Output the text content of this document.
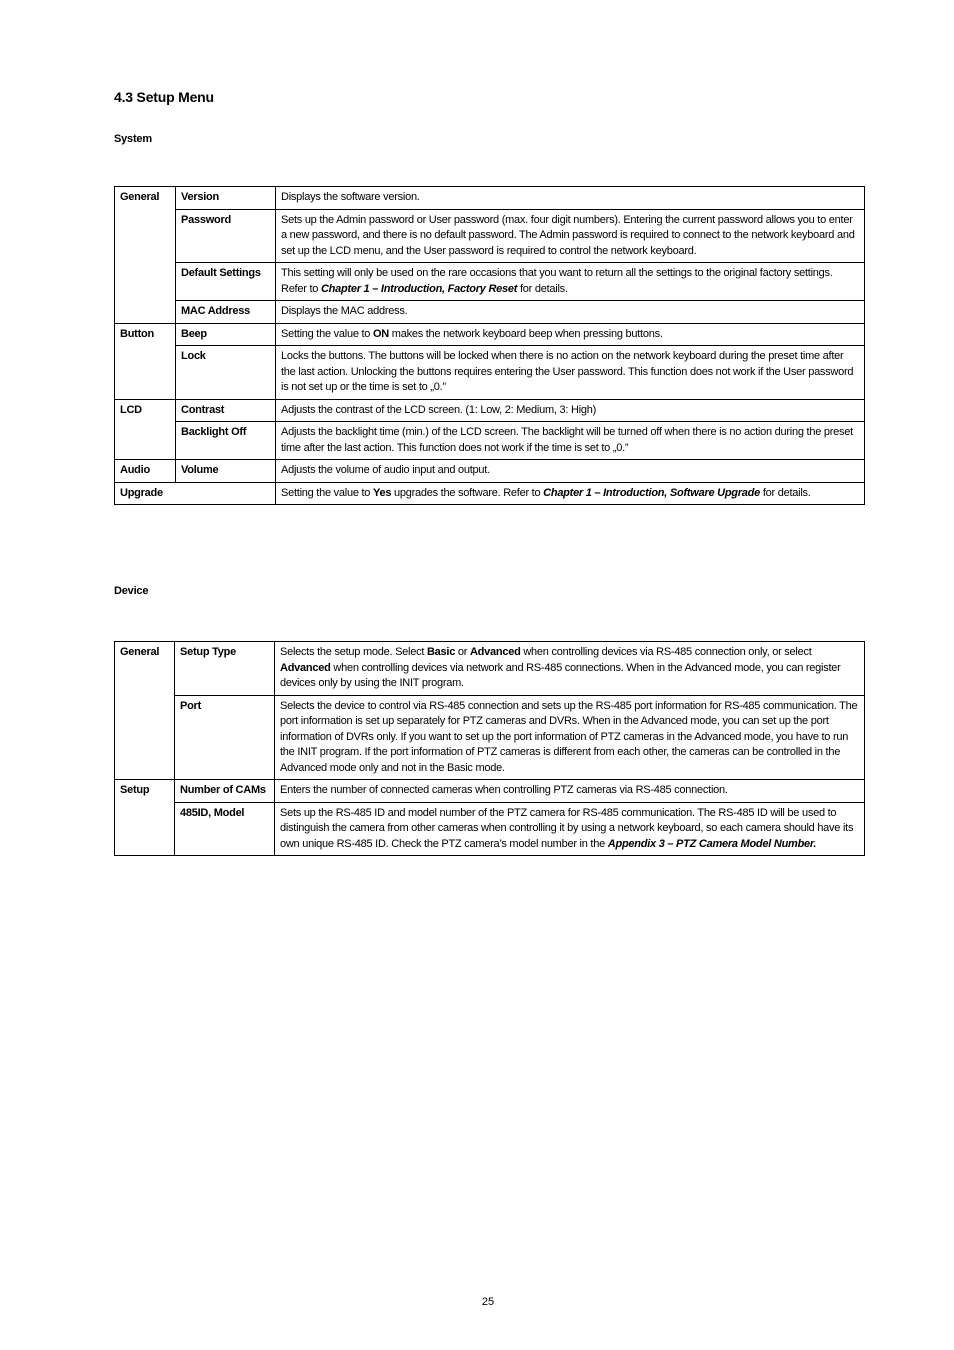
4.3 Setup Menu
System
General	Version	Displays the software version.
	Password	Sets up the Admin password or User password (max. four digit numbers). Entering the current password allows you to enter a new password, and there is no default password. The Admin password is required to connect to the network keyboard and set up the LCD menu, and the User password is required to control the network keyboard.
	Default Settings	This setting will only be used on the rare occasions that you want to return all the settings to the original factory settings. Refer to Chapter 1 – Introduction, Factory Reset for details.
	MAC Address	Displays the MAC address.
Button	Beep	Setting the value to ON makes the network keyboard beep when pressing buttons.
	Lock	Locks the buttons. The buttons will be locked when there is no action on the network keyboard during the preset time after the last action. Unlocking the buttons requires entering the User password. This function does not work if the User password is not set up or the time is set to „0.”
LCD	Contrast	Adjusts the contrast of the LCD screen. (1: Low, 2: Medium, 3: High)
	Backlight Off	Adjusts the backlight time (min.) of the LCD screen. The backlight will be turned off when there is no action during the preset time after the last action. This function does not work if the time is set to „0.”
Audio	Volume	Adjusts the volume of audio input and output.
Upgrade		Setting the value to Yes upgrades the software. Refer to Chapter 1 – Introduction, Software Upgrade for details.
Device
General	Setup Type	Selects the setup mode. Select Basic or Advanced when controlling devices via RS-485 connection only, or select Advanced when controlling devices via network and RS-485 connections. When in the Advanced mode, you can register devices only by using the INIT program.
	Port	Selects the device to control via RS-485 connection and sets up the RS-485 port information for RS-485 communication. The port information is set up separately for PTZ cameras and DVRs. When in the Advanced mode, you can set up the port information of DVRs only. If you want to set up the port information of PTZ cameras in the Advanced mode, you have to run the INIT program. If the port information of PTZ cameras is different from each other, the cameras can be controlled in the Advanced mode only and not in the Basic mode.
Setup	Number of CAMs	Enters the number of connected cameras when controlling PTZ cameras via RS-485 connection.
	485ID, Model	Sets up the RS-485 ID and model number of the PTZ camera for RS-485 communication. The RS-485 ID will be used to distinguish the camera from other cameras when controlling it by using a network keyboard, so each camera should have its own unique RS-485 ID. Check the PTZ camera’s model number in the Appendix 3 – PTZ Camera Model Number.
25
